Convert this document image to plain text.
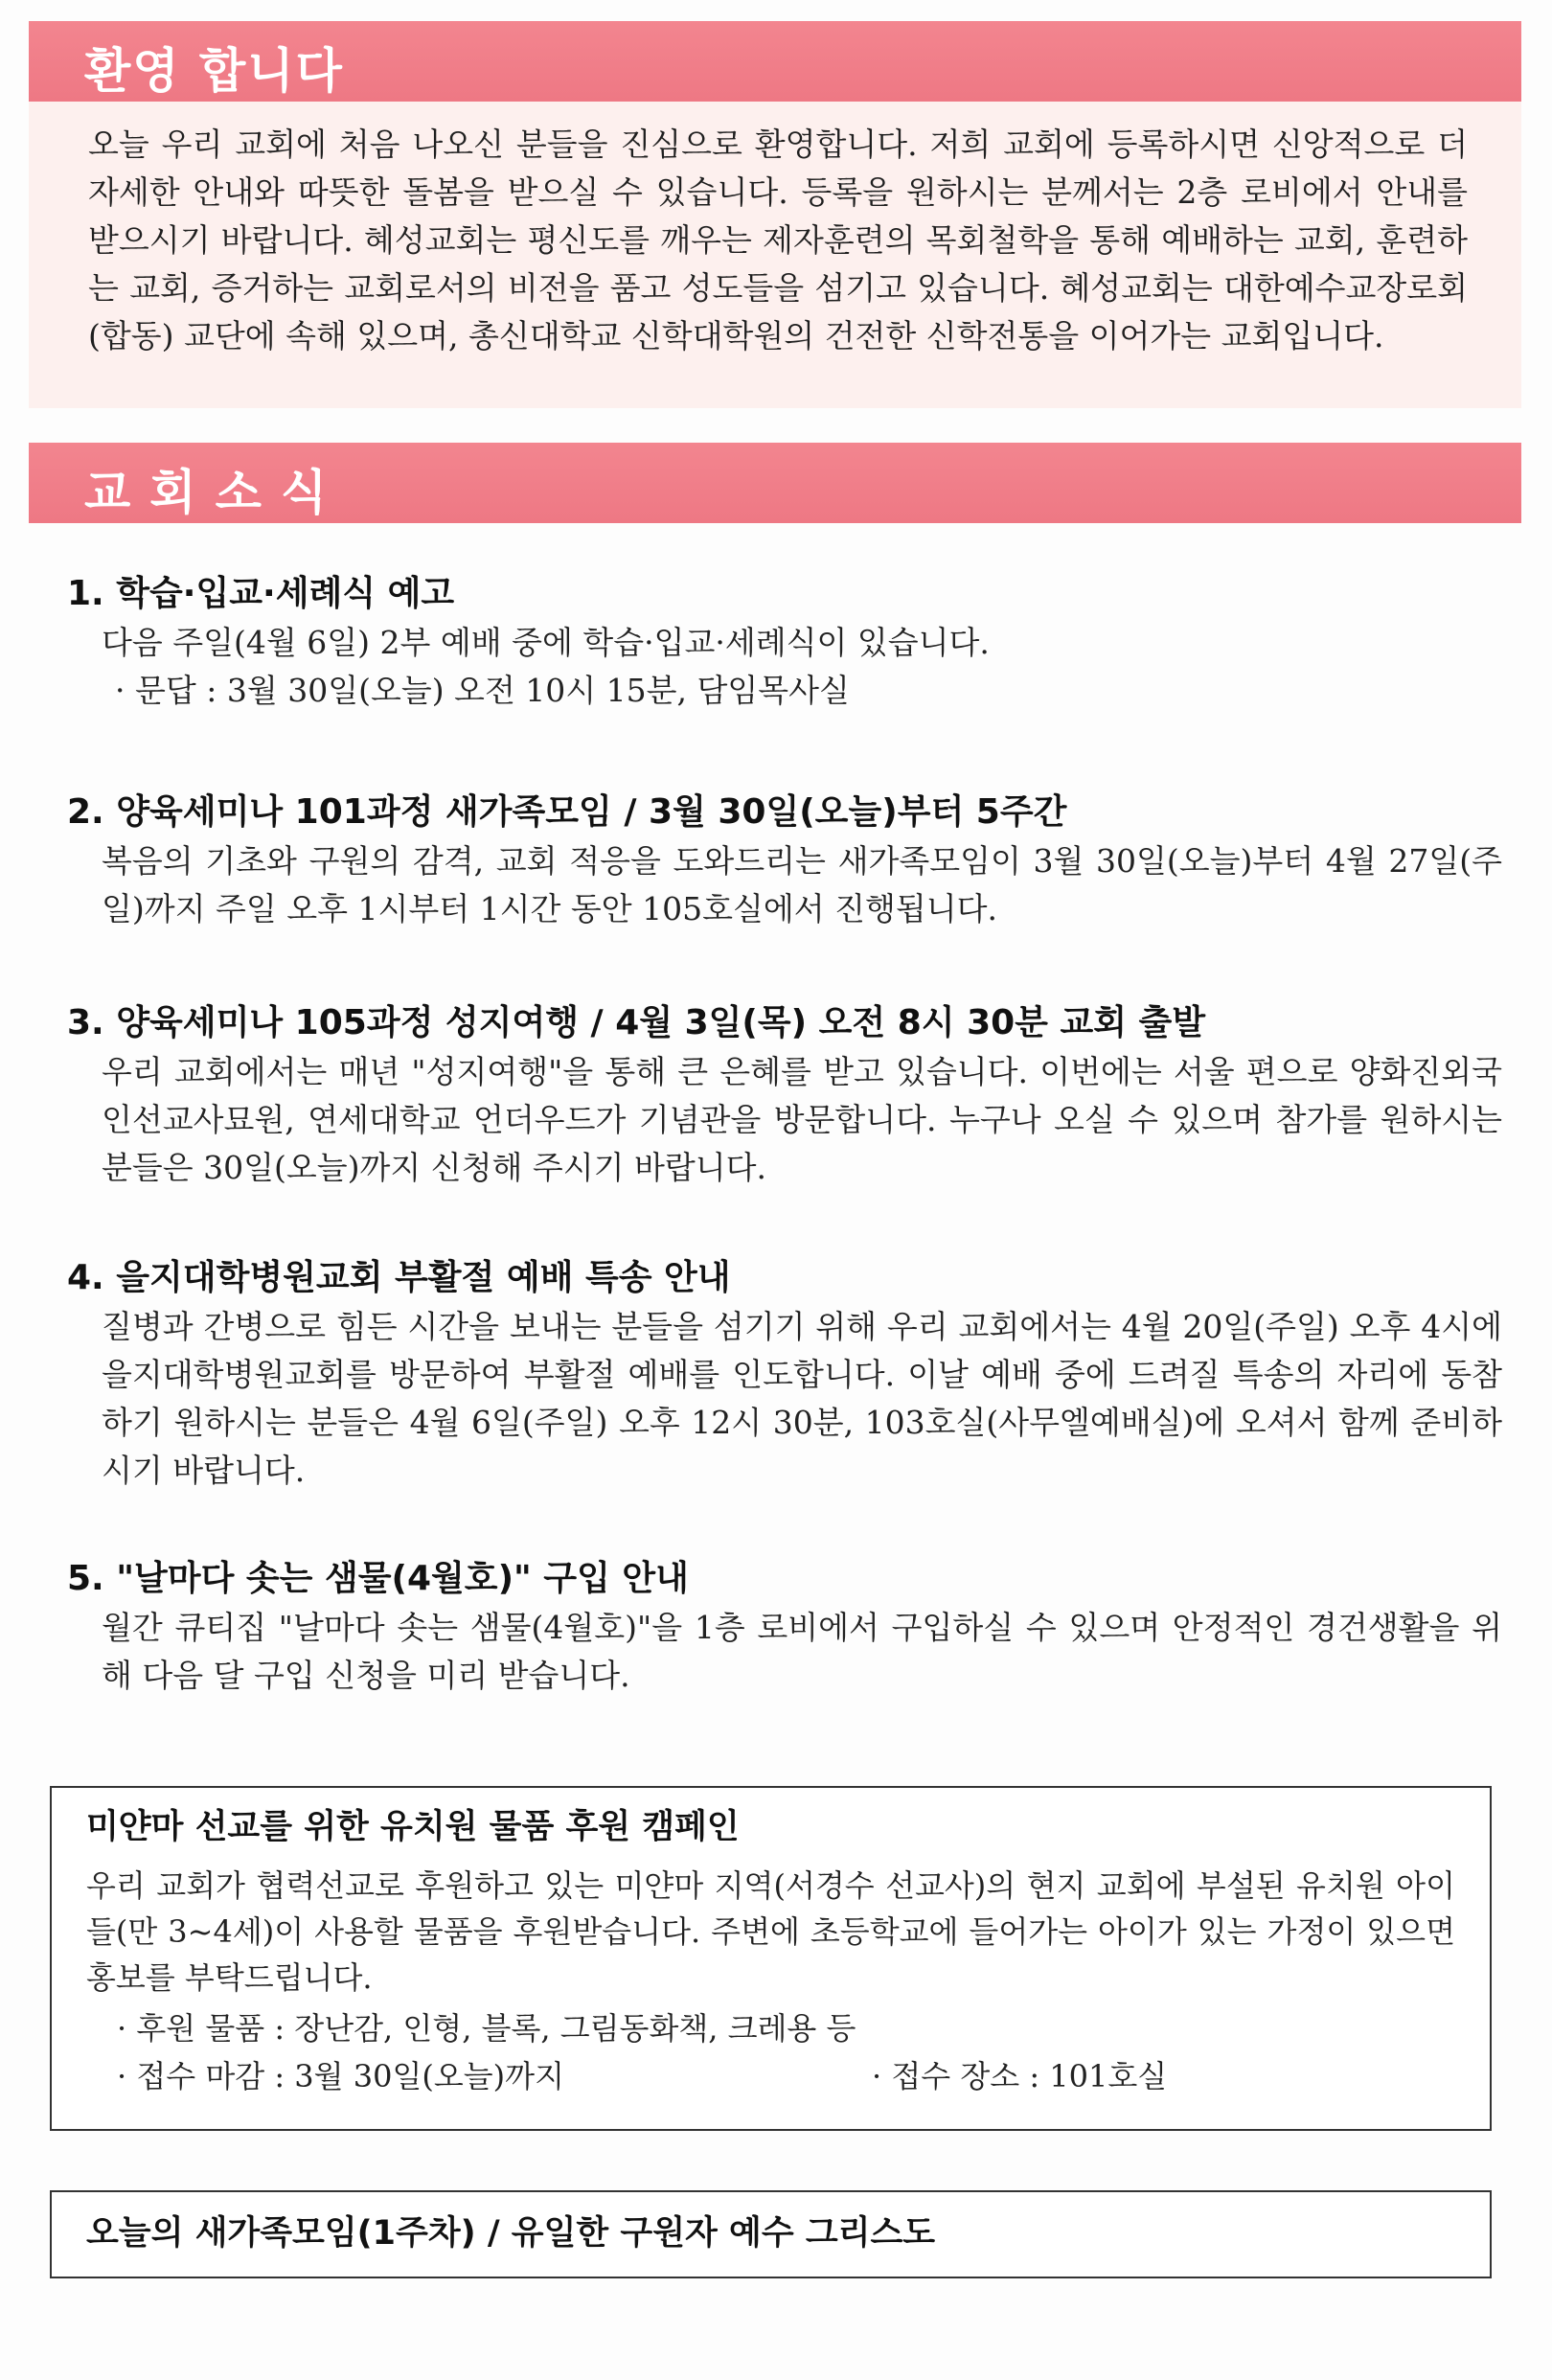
환영 합니다

오늘 우리 교회에 처음 나오신 분들을 진심으로 환영합니다. 저희 교회에 등록하시면 신앙적으로 더 자세한 안내와 따뜻한 돌봄을 받으실 수 있습니다. 등록을 원하시는 분께서는 2층 로비에서 안내를 받으시기 바랍니다. 혜성교회는 평신도를 깨우는 제자훈련의 목회철학을 통해 예배하는 교회, 훈련하는 교회, 증거하는 교회로서의 비전을 품고 성도들을 섬기고 있습니다. 혜성교회는 대한예수교장로회(합동) 교단에 속해 있으며, 총신대학교 신학대학원의 건전한 신학전통을 이어가는 교회입니다.

교회소식
1. 학습·입교·세례식 예고
다음 주일(4월 6일) 2부 예배 중에 학습·입교·세례식이 있습니다.
· 문답 : 3월 30일(오늘) 오전 10시 15분, 담임목사실
2. 양육세미나 101과정 새가족모임 / 3월 30일(오늘)부터 5주간
복음의 기초와 구원의 감격, 교회 적응을 도와드리는 새가족모임이 3월 30일(오늘)부터 4월 27일(주일)까지 주일 오후 1시부터 1시간 동안 105호실에서 진행됩니다.
3. 양육세미나 105과정 성지여행 / 4월 3일(목) 오전 8시 30분 교회 출발
우리 교회에서는 매년 "성지여행"을 통해 큰 은혜를 받고 있습니다. 이번에는 서울 편으로 양화진외국인선교사묘원, 연세대학교 언더우드가 기념관을 방문합니다. 누구나 오실 수 있으며 참가를 원하시는 분들은 30일(오늘)까지 신청해 주시기 바랍니다.
4. 을지대학병원교회 부활절 예배 특송 안내
질병과 간병으로 힘든 시간을 보내는 분들을 섬기기 위해 우리 교회에서는 4월 20일(주일) 오후 4시에 을지대학병원교회를 방문하여 부활절 예배를 인도합니다. 이날 예배 중에 드려질 특송의 자리에 동참하기 원하시는 분들은 4월 6일(주일) 오후 12시 30분, 103호실(사무엘예배실)에 오셔서 함께 준비하시기 바랍니다.
5. "날마다 솟는 샘물(4월호)" 구입 안내
월간 큐티집 "날마다 솟는 샘물(4월호)"을 1층 로비에서 구입하실 수 있으며 안정적인 경건생활을 위해 다음 달 구입 신청을 미리 받습니다.
미얀마 선교를 위한 유치원 물품 후원 캠페인
우리 교회가 협력선교로 후원하고 있는 미얀마 지역(서경수 선교사)의 현지 교회에 부설된 유치원 아이들(만 3~4세)이 사용할 물품을 후원받습니다. 주변에 초등학교에 들어가는 아이가 있는 가정이 있으면 홍보를 부탁드립니다.
· 후원 물품 : 장난감, 인형, 블록, 그림동화책, 크레용 등
· 접수 마감 : 3월 30일(오늘)까지	· 접수 장소 : 101호실
오늘의 새가족모임(1주차) / 유일한 구원자 예수 그리스도
